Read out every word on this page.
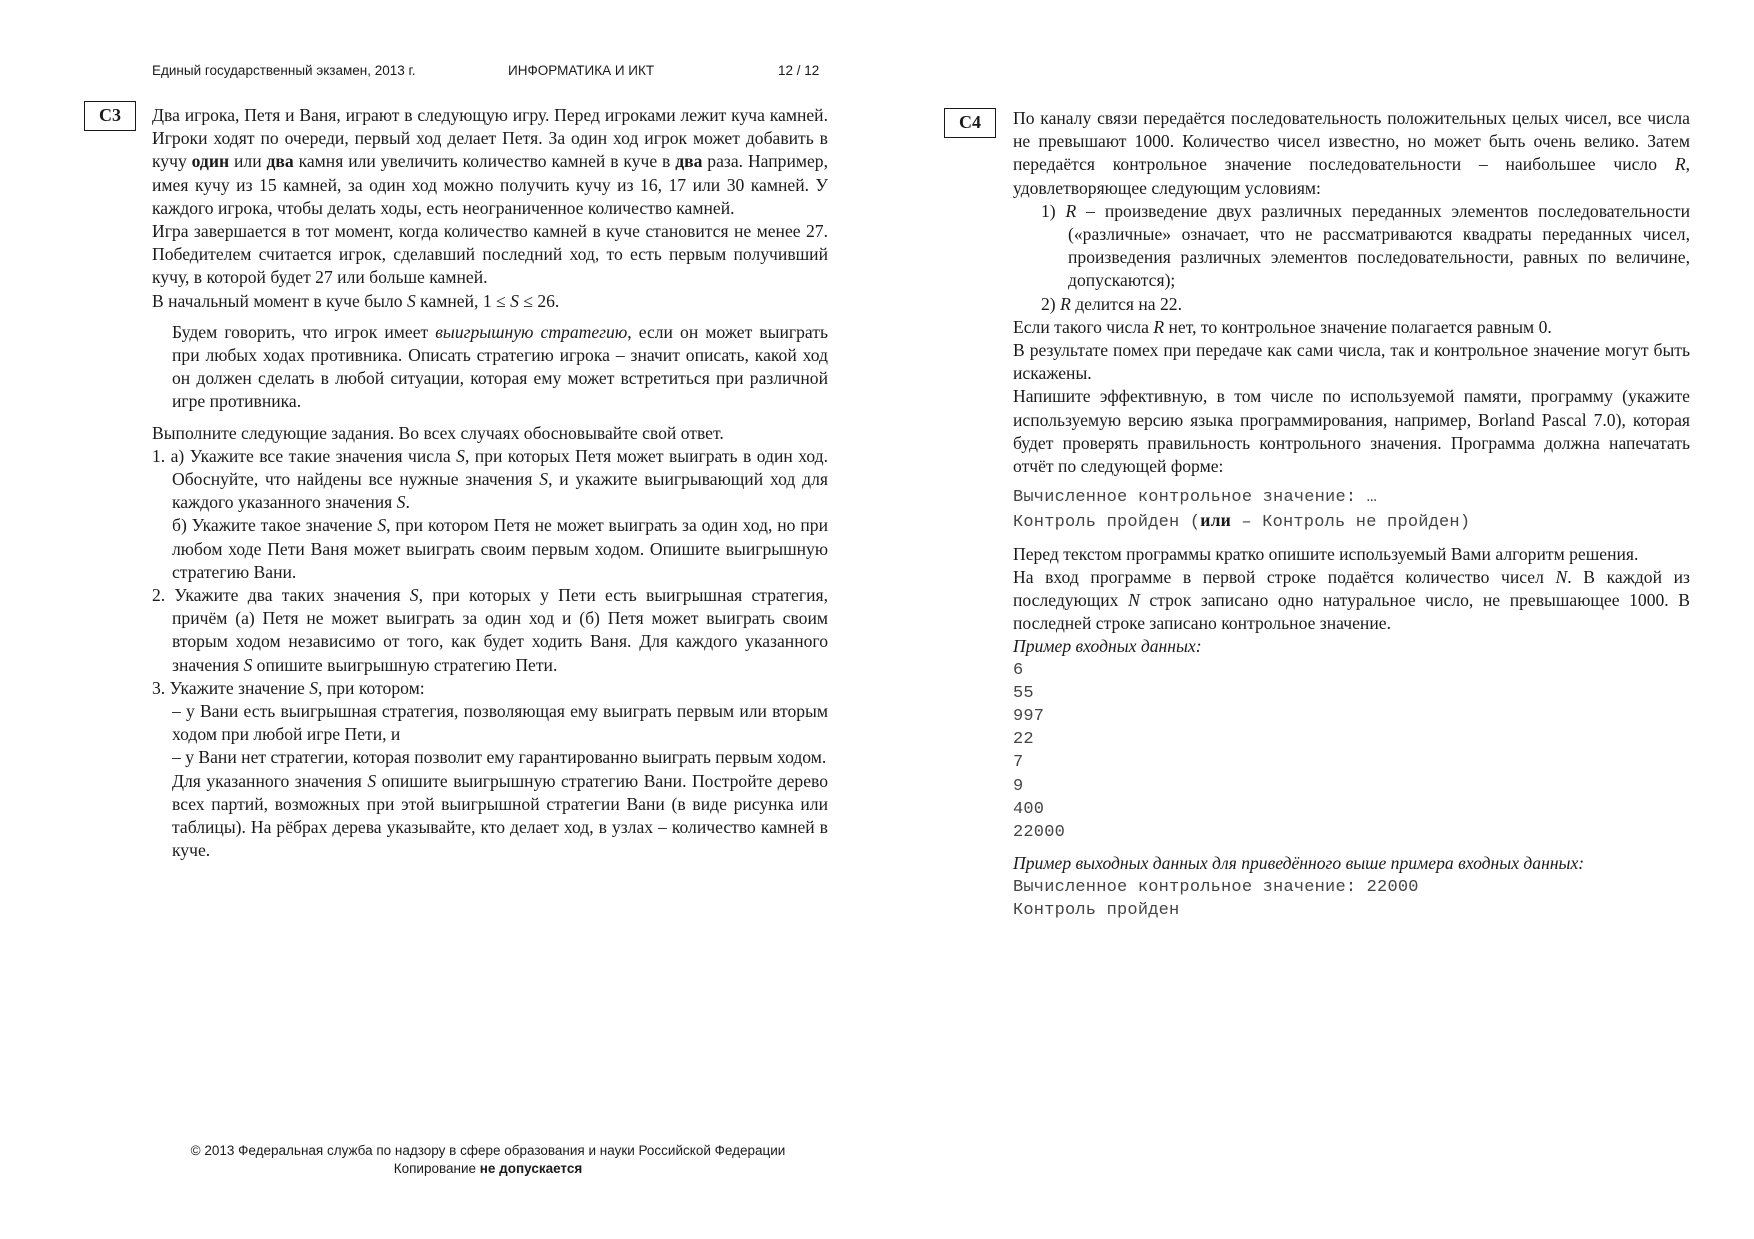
Единый государственный экзамен, 2013 г.	ИНФОРМАТИКА И ИКТ	12 / 12
C3	Два игрока, Петя и Ваня, играют в следующую игру. Перед игроками лежит куча камней. Игроки ходят по очереди, первый ход делает Петя. За один ход игрок может добавить в кучу один или два камня или увеличить количество камней в куче в два раза. Например, имея кучу из 15 камней, за один ход можно получить кучу из 16, 17 или 30 камней. У каждого игрока, чтобы делать ходы, есть неограниченное количество камней.

Игра завершается в тот момент, когда количество камней в куче становится не менее 27. Победителем считается игрок, сделавший последний ход, то есть первым получивший кучу, в которой будет 27 или больше камней.

В начальный момент в куче было S камней, 1 ≤ S ≤ 26.

Будем говорить, что игрок имеет выигрышную стратегию, если он может выиграть при любых ходах противника. Описать стратегию игрока – значит описать, какой ход он должен сделать в любой ситуации, которая ему может встретиться при различной игре противника.

Выполните следующие задания. Во всех случаях обосновывайте свой ответ.

1. а) Укажите все такие значения числа S, при которых Петя может выиграть в один ход. Обоснуйте, что найдены все нужные значения S, и укажите выигрывающий ход для каждого указанного значения S.

б) Укажите такое значение S, при котором Петя не может выиграть за один ход, но при любом ходе Пети Ваня может выиграть своим первым ходом. Опишите выигрышную стратегию Вани.

2. Укажите два таких значения S, при которых у Пети есть выигрышная стратегия, причём (а) Петя не может выиграть за один ход и (б) Петя может выиграть своим вторым ходом независимо от того, как будет ходить Ваня. Для каждого указанного значения S опишите выигрышную стратегию Пети.

3. Укажите значение S, при котором:

– у Вани есть выигрышная стратегия, позволяющая ему выиграть первым или вторым ходом при любой игре Пети, и

– у Вани нет стратегии, которая позволит ему гарантированно выиграть первым ходом.

Для указанного значения S опишите выигрышную стратегию Вани. Постройте дерево всех партий, возможных при этой выигрышной стратегии Вани (в виде рисунка или таблицы). На рёбрах дерева указывайте, кто делает ход, в узлах – количество камней в куче.

C4	По каналу связи передаётся последовательность положительных целых чисел, все числа не превышают 1000. Количество чисел известно, но может быть очень велико. Затем передаётся контрольное значение последовательности – наибольшее число R, удовлетворяющее следующим условиям:

1) R – произведение двух различных переданных элементов последовательности («различные» означает, что не рассматриваются квадраты переданных чисел, произведения различных элементов последовательности, равных по величине, допускаются);

2) R делится на 22.

Если такого числа R нет, то контрольное значение полагается равным 0.

В результате помех при передаче как сами числа, так и контрольное значение могут быть искажены.

Напишите эффективную, в том числе по используемой памяти, программу (укажите используемую версию языка программирования, например, Borland Pascal 7.0), которая будет проверять правильность контрольного значения. Программа должна напечатать отчёт по следующей форме:

Вычисленное контрольное значение: …
Контроль пройден (или – Контроль не пройден)

Перед текстом программы кратко опишите используемый Вами алгоритм решения.

На вход программе в первой строке подаётся количество чисел N. В каждой из последующих N строк записано одно натуральное число, не превышающее 1000. В последней строке записано контрольное значение.

Пример входных данных:

6
55
997
22
7
9
400
22000

Пример выходных данных для приведённого выше примера входных данных:

Вычисленное контрольное значение: 22000
Контроль пройден
© 2013 Федеральная служба по надзору в сфере образования и науки Российской Федерации
Копирование не допускается
